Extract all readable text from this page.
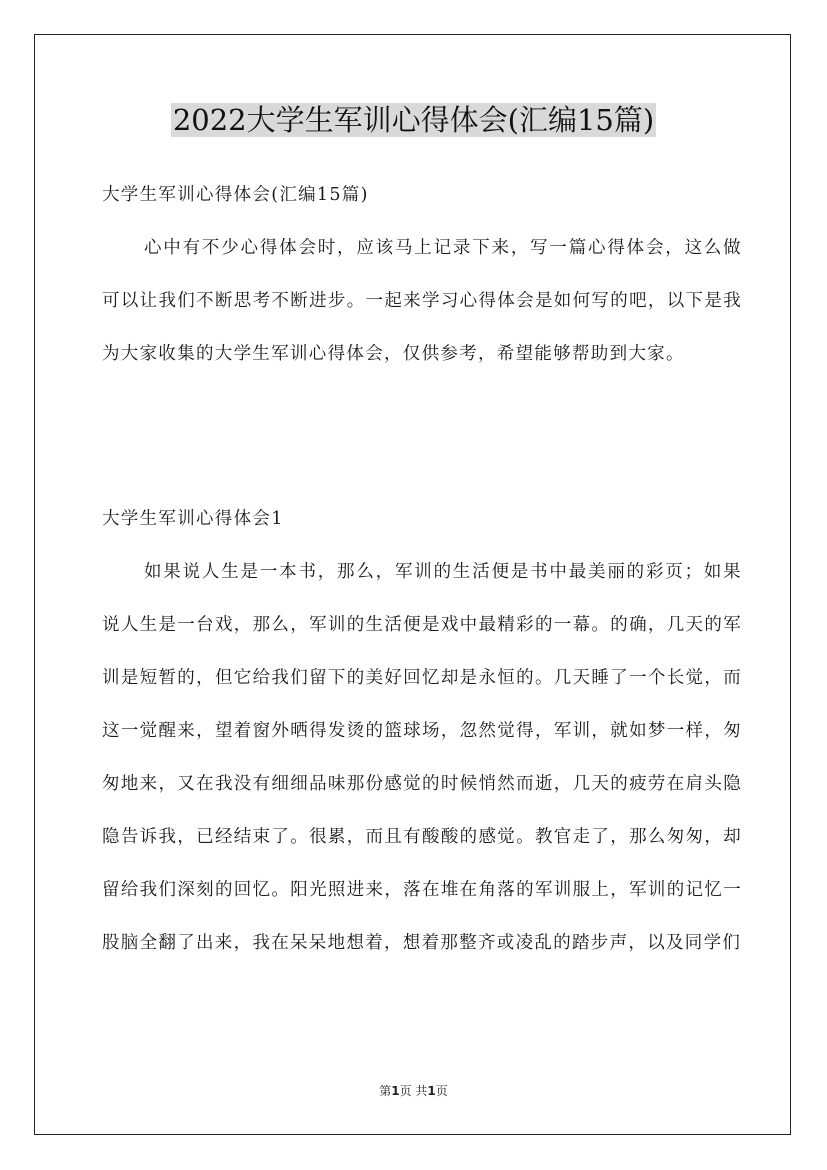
2022大学生军训心得体会(汇编15篇)

大学生军训心得体会(汇编15篇)

心中有不少心得体会时，应该马上记录下来，写一篇心得体会，这么做可以让我们不断思考不断进步。一起来学习心得体会是如何写的吧，以下是我为大家收集的大学生军训心得体会，仅供参考，希望能够帮助到大家。

大学生军训心得体会1

如果说人生是一本书，那么，军训的生活便是书中最美丽的彩页；如果说人生是一台戏，那么，军训的生活便是戏中最精彩的一幕。的确，几天的军训是短暂的，但它给我们留下的美好回忆却是永恒的。几天睡了一个长觉，而这一觉醒来，望着窗外晒得发烫的篮球场，忽然觉得，军训，就如梦一样，匆匆地来，又在我没有细细品味那份感觉的时候悄然而逝，几天的疲劳在肩头隐隐告诉我，已经结束了。很累，而且有酸酸的感觉。教官走了，那么匆匆，却留给我们深刻的回忆。阳光照进来，落在堆在角落的军训服上，军训的记忆一股脑全翻了出来，我在呆呆地想着，想着那整齐或凌乱的踏步声，以及同学们

第1页 共1页
